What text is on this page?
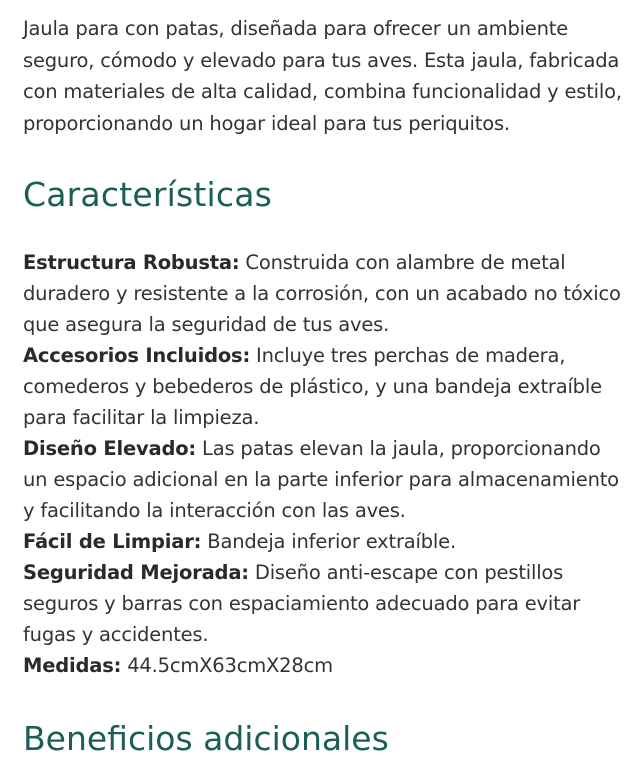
Jaula para con patas, diseñada para ofrecer un ambiente seguro, cómodo y elevado para tus aves. Esta jaula, fabricada con materiales de alta calidad, combina funcionalidad y estilo, proporcionando un hogar ideal para tus periquitos.

Características

Estructura Robusta: Construida con alambre de metal duradero y resistente a la corrosión, con un acabado no tóxico que asegura la seguridad de tus aves.

Accesorios Incluidos: Incluye tres perchas de madera, comederos y bebederos de plástico, y una bandeja extraíble para facilitar la limpieza.

Diseño Elevado: Las patas elevan la jaula, proporcionando un espacio adicional en la parte inferior para almacenamiento y facilitando la interacción con las aves.

Fácil de Limpiar: Bandeja inferior extraíble.

Seguridad Mejorada: Diseño anti-escape con pestillos seguros y barras con espaciamiento adecuado para evitar fugas y accidentes.

Medidas: 44.5cmX63cmX28cm

Beneficios adicionales
